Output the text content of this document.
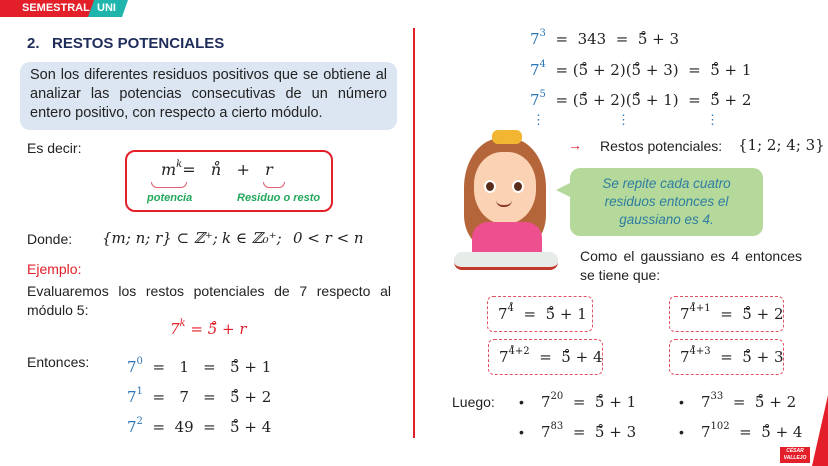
SEMESTRAL UNI
2.   RESTOS POTENCIALES
Son los diferentes residuos positivos que se obtiene al analizar las potencias consecutivas de un número entero positivo, con respecto a cierto módulo.
Es decir:
$m^k=$   n̊   +   r
potencia	Residuo o resto
Donde: {m; n; r} ⊂ ℤ⁺; k ∈ ℤ₀⁺; 0 < r < n
Ejemplo:
Evaluaremos los restos potenciales de 7 respecto al módulo 5:
$7^k$ = 5̊ + r
Entonces:	$7^0 = 1$   =   5̊ + 1
$7^1 = 7$   =   5̊ + 2
$7^2 = 49$  =   5̊ + 4
$7^3 = 343$  =  5̊ + 3
$7^4$  = (5̊ + 2)(5̊ + 3)  =  5̊ + 1
$7^5$  = (5̊ + 2)(5̊ + 1)  =  5̊ + 2
⋮	⋮	⋮
→ Restos potenciales: {1; 2; 4; 3}
Se repite cada cuatro residuos entonces el gaussiano es 4.
Como el gaussiano es 4 entonces se tiene que:
$7^{4̊}$  =  5̊ + 1	$7^{4̊+1}$  =  5̊ + 2
$7^{4̊+2}$  =  5̊ + 4	$7^{4̊+3}$  =  5̊ + 3
Luego: • $7^{20}$  =  5̊ + 1	• $7^{33}$  =  5̊ + 2
• $7^{83}$  =  5̊ + 3	• $7^{102}$  =  5̊ + 4
CÉSAR
VALLEJO
